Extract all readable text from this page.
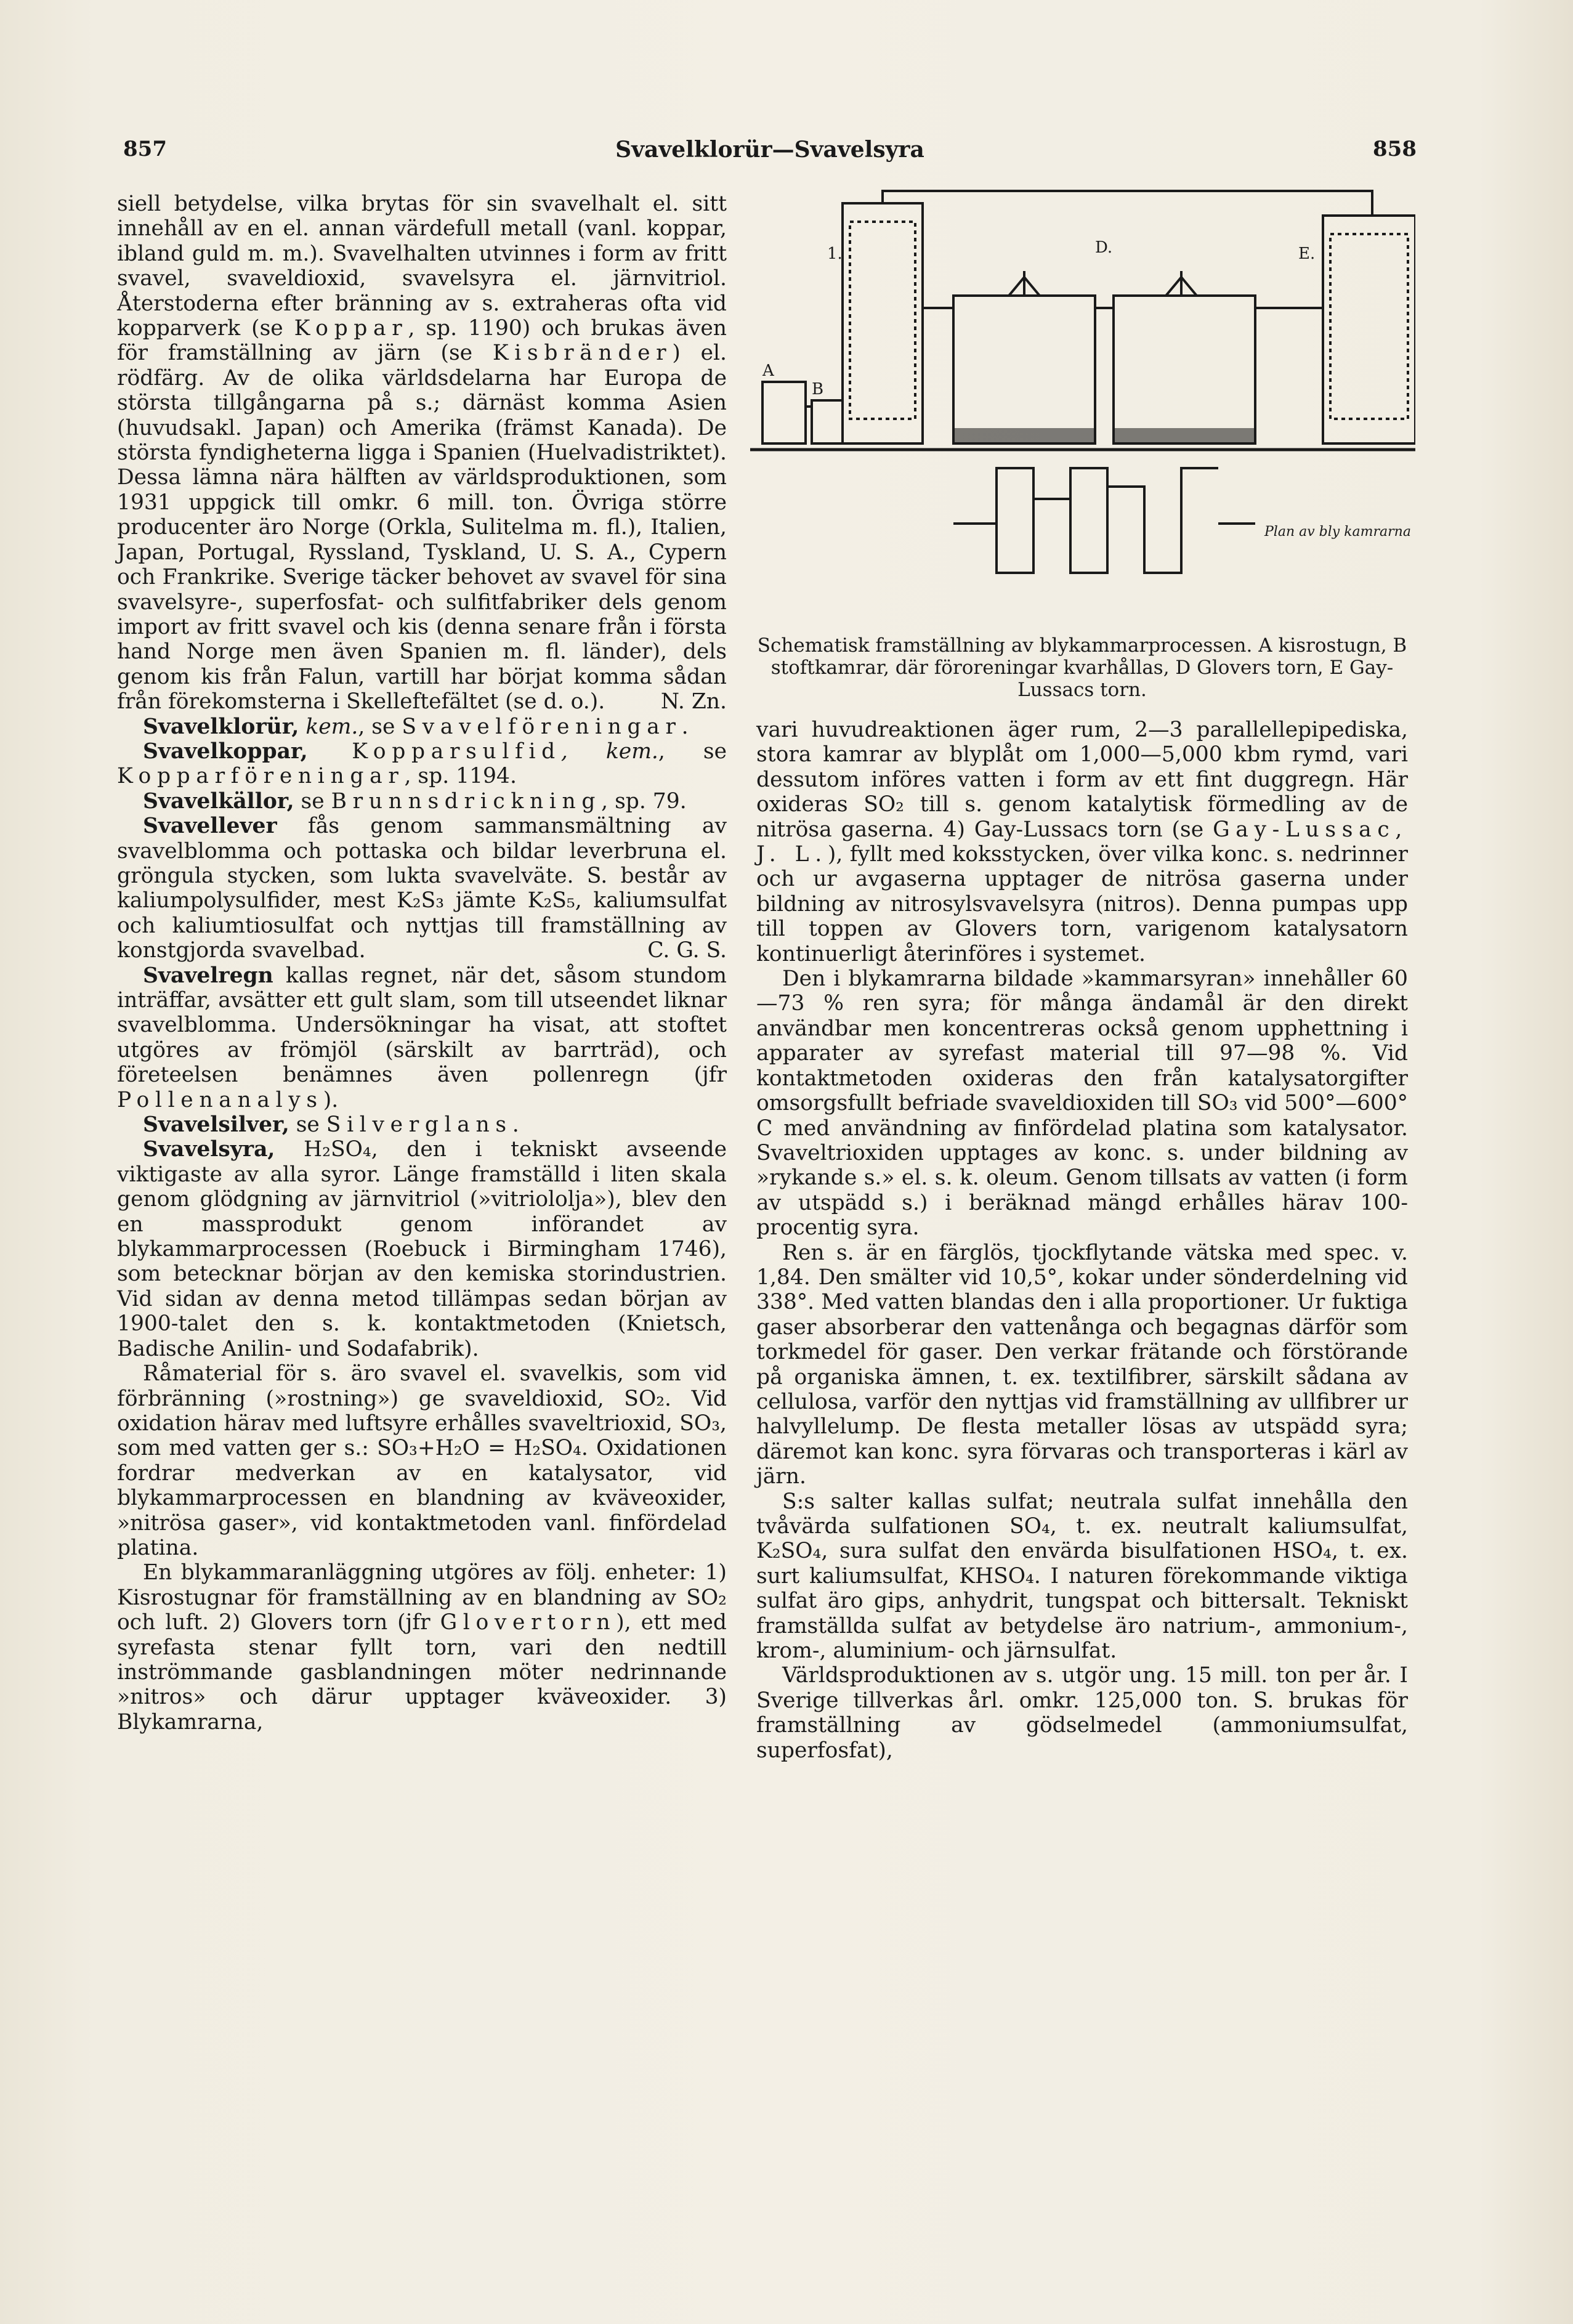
857	Svavelklorür—Svavelsyra	858

siell betydelse, vilka brytas för sin svavelhalt el. sitt innehåll av en el. annan värdefull metall (vanl. koppar, ibland guld m. m.). Svavelhalten utvinnes i form av fritt svavel, svaveldioxid, svavelsyra el. järnvitriol. Återstoderna efter bränning av s. extraheras ofta vid kopparverk (se Koppar, sp. 1190) och brukas även för framställning av järn (se Kisbränder) el. rödfärg. Av de olika världsdelarna har Europa de största tillgångarna på s.; därnäst komma Asien (huvudsakl. Japan) och Amerika (främst Kanada). De största fyndigheterna ligga i Spanien (Huelvadistriktet). Dessa lämna nära hälften av världsproduktionen, som 1931 uppgick till omkr. 6 mill. ton. Övriga större producenter äro Norge (Orkla, Sulitelma m. fl.), Italien, Japan, Portugal, Ryssland, Tyskland, U. S. A., Cypern och Frankrike. Sverige täcker behovet av svavel för sina svavelsyre-, superfosfat- och sulfitfabriker dels genom import av fritt svavel och kis (denna senare från i första hand Norge men även Spanien m. fl. länder), dels genom kis från Falun, vartill har börjat komma sådan från förekomsterna i Skelleftefältet (se d. o.).	N. Zn.

Svavelklorür, kem., se Svavelföreningar.

Svavelkoppar, Kopparsulfid, kem., se Kopparföreningar, sp. 1194.

Svavelkällor, se Brunnsdrickning, sp. 79.

Svavellever fås genom sammansmältning av svavelblomma och pottaska och bildar leverbruna el. gröngula stycken, som lukta svavelväte. S. består av kaliumpolysulfider, mest K₂S₃ jämte K₂S₅, kaliumsulfat och kaliumtiosulfat och nyttjas till framställning av konstgjorda svavelbad.	C. G. S.

Svavelregn kallas regnet, när det, såsom stundom inträffar, avsätter ett gult slam, som till utseendet liknar svavelblomma. Undersökningar ha visat, att stoftet utgöres av frömjöl (särskilt av barrträd), och företeelsen benämnes även pollenregn (jfr Pollenanalys).

Svavelsilver, se Silverglans.

Svavelsyra, H₂SO₄, den i tekniskt avseende viktigaste av alla syror. Länge framställd i liten skala genom glödgning av järnvitriol (»vitriololja»), blev den en massprodukt genom införandet av blykammarprocessen (Roebuck i Birmingham 1746), som betecknar början av den kemiska storindustrien. Vid sidan av denna metod tillämpas sedan början av 1900-talet den s. k. kontaktmetoden (Knietsch, Badische Anilin- und Sodafabrik).

Råmaterial för s. äro svavel el. svavelkis, som vid förbränning (»rostning») ge svaveldioxid, SO₂. Vid oxidation härav med luftsyre erhålles svaveltrioxid, SO₃, som med vatten ger s.: SO₃+H₂O = H₂SO₄. Oxidationen fordrar medverkan av en katalysator, vid blykammarprocessen en blandning av kväveoxider, »nitrösa gaser», vid kontaktmetoden vanl. finfördelad platina.

En blykammaranläggning utgöres av följ. enheter: 1) Kisrostugnar för framställning av en blandning av SO₂ och luft. 2) Glovers torn (jfr Glovertorn), ett med syrefasta stenar fyllt torn, vari den nedtill inströmmande gasblandningen möter nedrinnande »nitros» och därur upptager kväveoxider. 3) Blykamrarna,

A
B
1.	D.	E.
Plan av bly kamrarna
Schematisk framställning av blykammarprocessen. A kisrostugn, B stoftkamrar, där föroreningar kvarhållas, D Glovers torn, E Gay-Lussacs torn.

vari huvudreaktionen äger rum, 2—3 parallellepipediska, stora kamrar av blyplåt om 1,000—5,000 kbm rymd, vari dessutom införes vatten i form av ett fint duggregn. Här oxideras SO₂ till s. genom katalytisk förmedling av de nitrösa gaserna. 4) Gay-Lussacs torn (se Gay-Lussac, J. L.), fyllt med koksstycken, över vilka konc. s. nedrinner och ur avgaserna upptager de nitrösa gaserna under bildning av nitrosylsvavelsyra (nitros). Denna pumpas upp till toppen av Glovers torn, varigenom katalysatorn kontinuerligt återinföres i systemet.

Den i blykamrarna bildade »kammarsyran» innehåller 60—73 % ren syra; för många ändamål är den direkt användbar men koncentreras också genom upphettning i apparater av syrefast material till 97—98 %. Vid kontaktmetoden oxideras den från katalysatorgifter omsorgsfullt befriade svaveldioxiden till SO₃ vid 500°—600° C med användning av finfördelad platina som katalysator. Svaveltrioxiden upptages av konc. s. under bildning av »rykande s.» el. s. k. oleum. Genom tillsats av vatten (i form av utspädd s.) i beräknad mängd erhålles härav 100-procentig syra.

Ren s. är en färglös, tjockflytande vätska med spec. v. 1,84. Den smälter vid 10,5°, kokar under sönderdelning vid 338°. Med vatten blandas den i alla proportioner. Ur fuktiga gaser absorberar den vattenånga och begagnas därför som torkmedel för gaser. Den verkar frätande och förstörande på organiska ämnen, t. ex. textilfibrer, särskilt sådana av cellulosa, varför den nyttjas vid framställning av ullfibrer ur halvyllelump. De flesta metaller lösas av utspädd syra; däremot kan konc. syra förvaras och transporteras i kärl av järn.

S:s salter kallas sulfat; neutrala sulfat innehålla den tvåvärda sulfationen SO₄, t. ex. neutralt kaliumsulfat, K₂SO₄, sura sulfat den envärda bisulfationen HSO₄, t. ex. surt kaliumsulfat, KHSO₄. I naturen förekommande viktiga sulfat äro gips, anhydrit, tungspat och bittersalt. Tekniskt framställda sulfat av betydelse äro natrium-, ammonium-, krom-, aluminium- och järnsulfat.

Världsproduktionen av s. utgör ung. 15 mill. ton per år. I Sverige tillverkas årl. omkr. 125,000 ton. S. brukas för framställning av gödselmedel (ammoniumsulfat, superfosfat),
